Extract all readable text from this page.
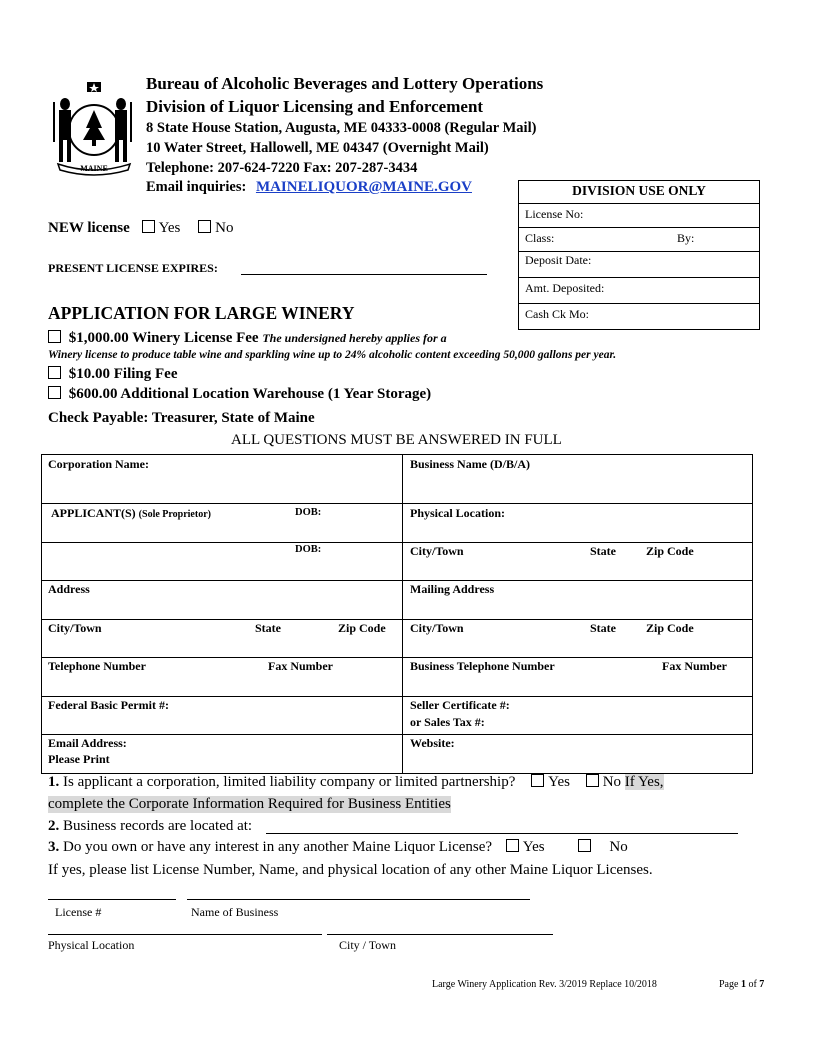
MAINE
Bureau of Alcoholic Beverages and Lottery Operations
Division of Liquor Licensing and Enforcement
8 State House Station, Augusta, ME 04333-0008 (Regular Mail)
10 Water Street, Hallowell, ME 04347 (Overnight Mail)
Telephone: 207-624-7220 Fax: 207-287-3434
Email inquiries: MAINELIQUOR@MAINE.GOV	DIVISION USE ONLY
License No:
Class:	By:
Deposit Date:
Amt. Deposited:
Cash Ck Mo:
NEW license Yes No
PRESENT LICENSE EXPIRES:
APPLICATION FOR LARGE WINERY
$1,000.00 Winery License Fee The undersigned hereby applies for a
Winery license to produce table wine and sparkling wine up to 24% alcoholic content exceeding 50,000 gallons per year.
$10.00 Filing Fee
$600.00 Additional Location Warehouse (1 Year Storage)
Check Payable: Treasurer, State of Maine
ALL QUESTIONS MUST BE ANSWERED IN FULL
Corporation Name:	Business Name (D/B/A)
APPLICANT(S) (Sole Proprietor)	DOB:	Physical Location:
DOB:	City/Town	State	Zip Code
Address	Mailing Address
City/Town	State	Zip Code City/Town	State	Zip Code
Telephone Number	Fax Number	Business Telephone Number	Fax Number
Federal Basic Permit #:	Seller Certificate #:
or Sales Tax #:
Email Address:
Please Print
Website:
1. Is applicant a corporation, limited liability company or limited partnership? Yes No If Yes,
complete the Corporate Information Required for Business Entities
2. Business records are located at:
3. Do you own or have any interest in any another Maine Liquor License? Yes	No
If yes, please list License Number, Name, and physical location of any other Maine Liquor Licenses.
License #	Name of Business
Physical Location	City / Town
Large Winery Application Rev. 3/2019 Replace 10/2018	Page 1 of 7
